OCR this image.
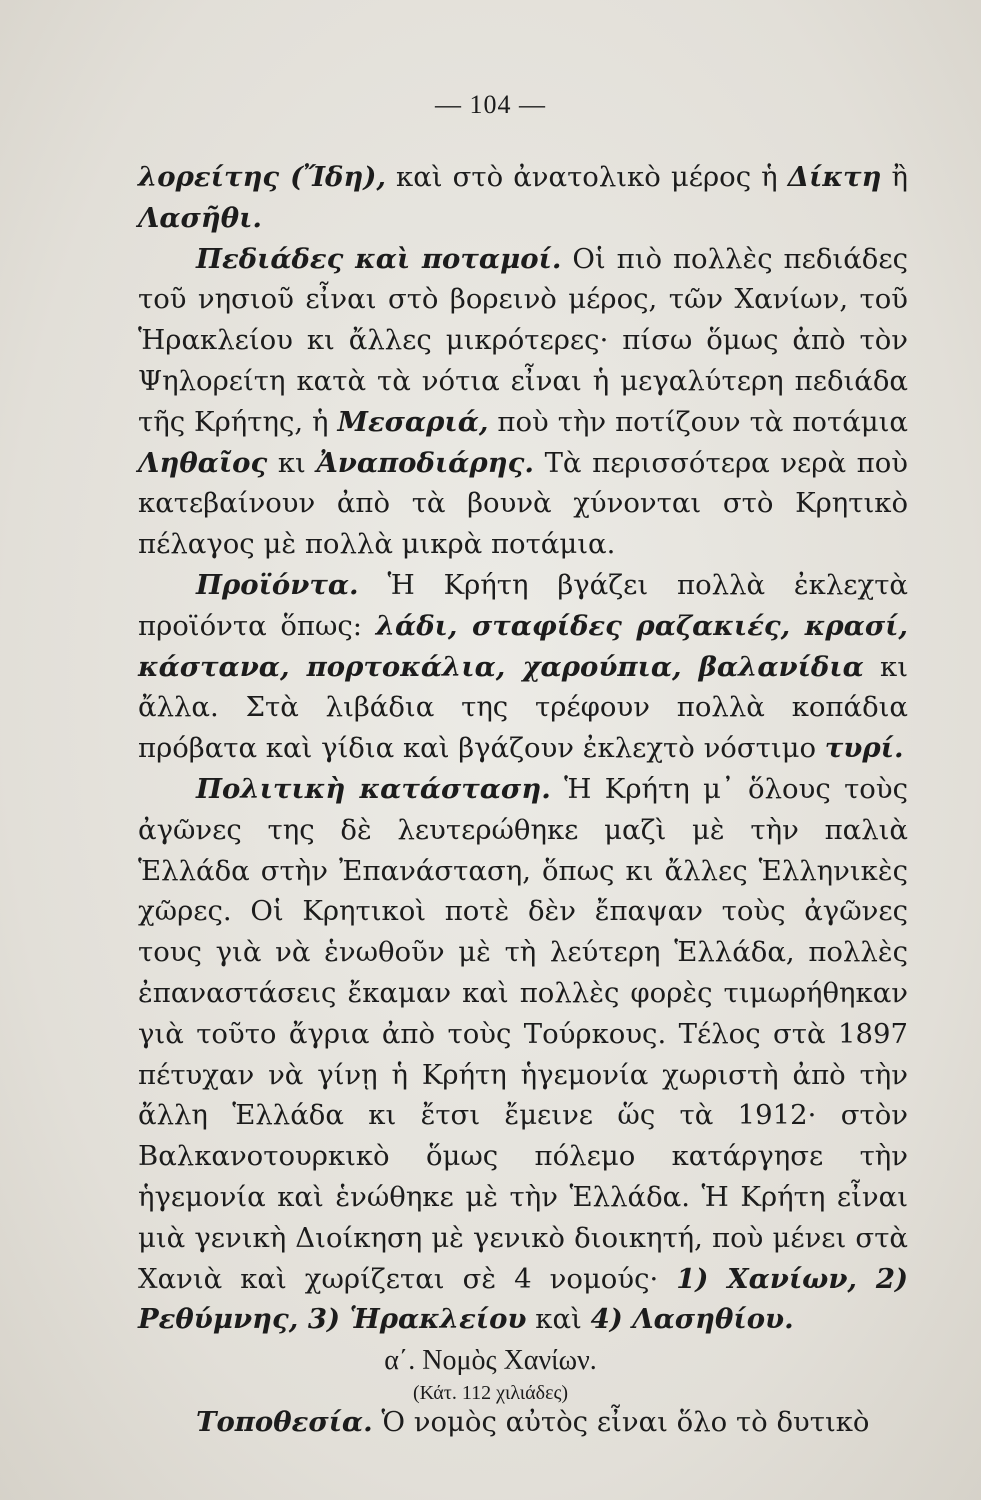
— 104 —

λορείτης (Ἴδη), καὶ στὸ ἀνατολικὸ μέρος ἡ Δίκτη ἢ Λασῆθι.

Πεδιάδες καὶ ποταμοί. Οἱ πιὸ πολλὲς πεδιάδες τοῦ νησιοῦ εἶναι στὸ βορεινὸ μέρος, τῶν Χανίων, τοῦ Ἡρακλείου κι ἄλλες μικρότερες· πίσω ὅμως ἀπὸ τὸν Ψηλορείτη κατὰ τὰ νότια εἶναι ἡ μεγαλύτερη πεδιάδα τῆς Κρήτης, ἡ Μεσαριά, ποὺ τὴν ποτίζουν τὰ ποτάμια Ληθαῖος κι Ἀναποδιάρης. Τὰ περισσότερα νερὰ ποὺ κατεβαίνουν ἀπὸ τὰ βουνὰ χύνονται στὸ Κρητικὸ πέλαγος μὲ πολλὰ μικρὰ ποτάμια.

Προϊόντα. Ἡ Κρήτη βγάζει πολλὰ ἐκλεχτὰ προϊόντα ὅπως: λάδι, σταφίδες ραζακιές, κρασί, κάστανα, πορτοκάλια, χαρούπια, βαλανίδια κι ἄλλα. Στὰ λιβάδια της τρέφουν πολλὰ κοπάδια πρόβατα καὶ γίδια καὶ βγάζουν ἐκλεχτὸ νόστιμο τυρί.

Πολιτικὴ κατάσταση. Ἡ Κρήτη μ᾽ ὅλους τοὺς ἀγῶνες της δὲ λευτερώθηκε μαζὶ μὲ τὴν παλιὰ Ἑλλάδα στὴν Ἐπανάσταση, ὅπως κι ἄλλες Ἑλληνικὲς χῶρες. Οἱ Κρητικοὶ ποτὲ δὲν ἔπαψαν τοὺς ἀγῶνες τους γιὰ νὰ ἑνωθοῦν μὲ τὴ λεύτερη Ἑλλάδα, πολλὲς ἐπαναστάσεις ἔκαμαν καὶ πολλὲς φορὲς τιμωρήθηκαν γιὰ τοῦτο ἄγρια ἀπὸ τοὺς Τούρκους. Τέλος στὰ 1897 πέτυχαν νὰ γίνῃ ἡ Κρήτη ἡγεμονία χωριστὴ ἀπὸ τὴν ἄλλη Ἑλλάδα κι ἔτσι ἔμεινε ὥς τὰ 1912· στὸν Βαλκανοτουρκικὸ ὅμως πόλεμο κατάργησε τὴν ἡγεμονία καὶ ἑνώθηκε μὲ τὴν Ἑλλάδα. Ἡ Κρήτη εἶναι μιὰ γενικὴ Διοίκηση μὲ γενικὸ διοικητή, ποὺ μένει στὰ Χανιὰ καὶ χωρίζεται σὲ 4 νομούς· 1) Χανίων, 2) Ρεθύμνης, 3) Ἡρακλείου καὶ 4) Λασηθίου.

α΄. Νομὸς Χανίων.
(Κάτ. 112 χιλιάδες)

Τοποθεσία. Ὁ νομὸς αὐτὸς εἶναι ὅλο τὸ δυτικὸ
